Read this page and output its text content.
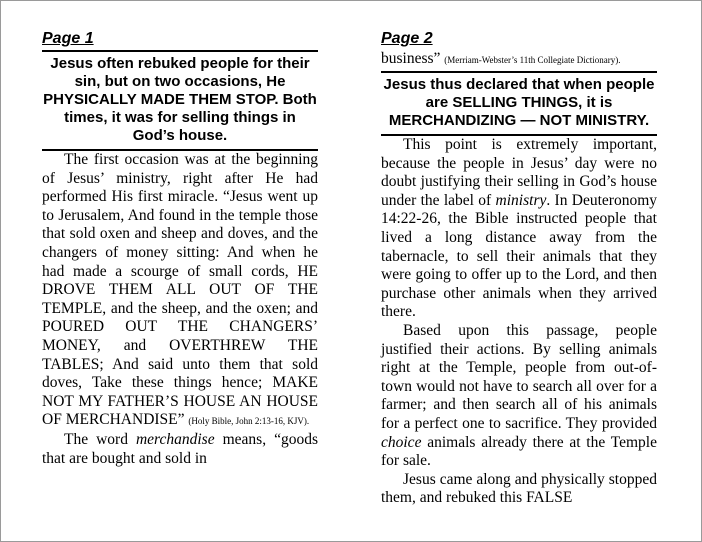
Page 1
Jesus often rebuked people for their sin, but on two occasions, He PHYSICALLY MADE THEM STOP. Both times, it was for selling things in God’s house.

The first occasion was at the beginning of Jesus’ ministry, right after He had performed His first miracle. “Jesus went up to Jerusalem, And found in the temple those that sold oxen and sheep and doves, and the changers of money sitting: And when he had made a scourge of small cords, HE DROVE THEM ALL OUT OF THE TEMPLE, and the sheep, and the oxen; and POURED OUT THE CHANGERS’ MONEY, and OVERTHREW THE TABLES; And said unto them that sold doves, Take these things hence; MAKE NOT MY FATHER’S HOUSE AN HOUSE OF MERCHANDISE” (Holy Bible, John 2:13-16, KJV).

The word merchandise means, “goods that are bought and sold in

Page 2
business” (Merriam-Webster’s 11th Collegiate Dictionary).
Jesus thus declared that when people are SELLING THINGS, it is MERCHANDIZING — NOT MINISTRY.

This point is extremely important, because the people in Jesus’ day were no doubt justifying their selling in God’s house under the label of ministry. In Deuteronomy 14:22-26, the Bible instructed people that lived a long distance away from the tabernacle, to sell their animals that they were going to offer up to the Lord, and then purchase other animals when they arrived there.

Based upon this passage, people justified their actions. By selling animals right at the Temple, people from out-of-town would not have to search all over for a farmer; and then search all of his animals for a perfect one to sacrifice. They provided choice animals already there at the Temple for sale.

Jesus came along and physically stopped them, and rebuked this FALSE
